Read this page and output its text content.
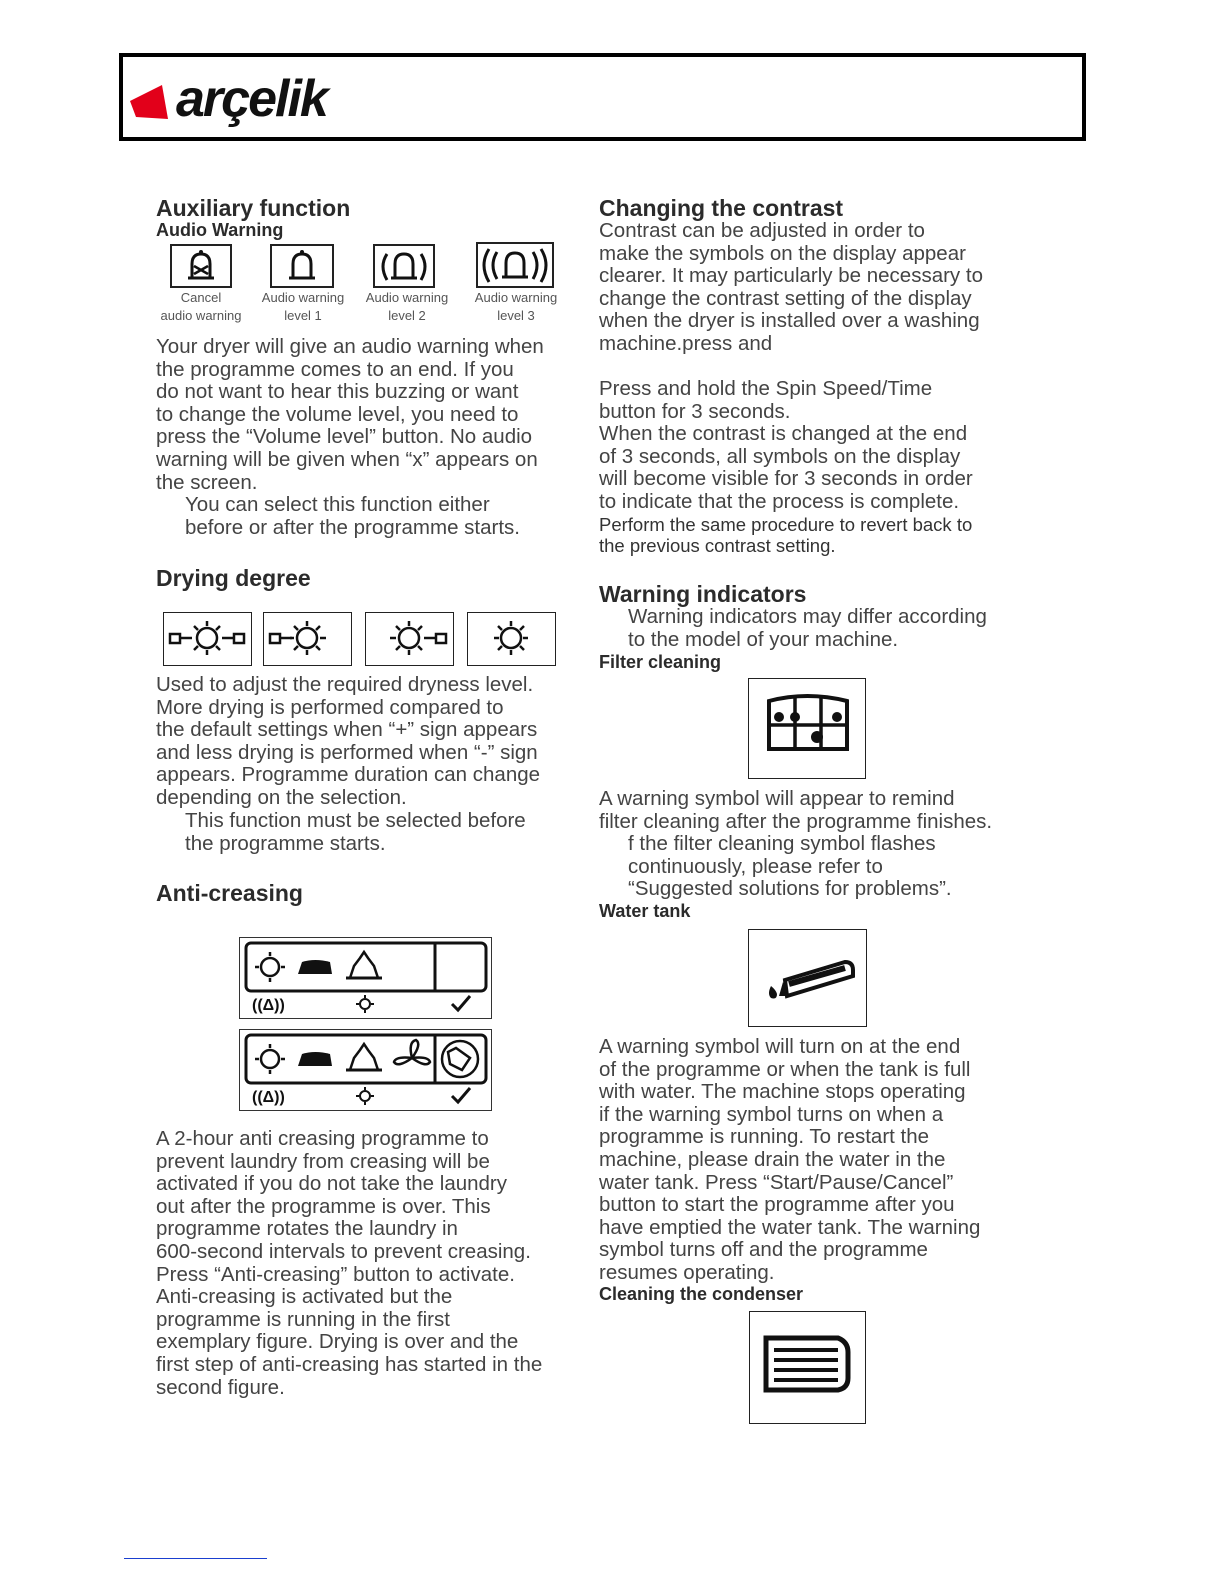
arçelik
Auxiliary function
Audio Warning
Cancel
audio warning
Audio warning
level 1
Audio warning
level 2
Audio warning
level 3
Your dryer will give an audio warning when
the programme comes to an end. If you
do not want to hear this buzzing or want
to change the volume level, you need to
press the “Volume level” button. No audio
warning will be given when “x” appears on
the screen.
You can select this function either
before or after the programme starts.
Drying degree
Used to adjust the required dryness level.
More drying is performed compared to
the default settings when “+” sign appears
and less drying is performed when “-” sign
appears. Programme duration can change
depending on the selection.
This function must be selected before
the programme starts.
Anti-creasing
((Δ))
((Δ))
A 2-hour anti creasing programme to
prevent laundry from creasing will be
activated if you do not take the laundry
out after the programme is over. This
programme rotates the laundry in
600-second intervals to prevent creasing.
Press “Anti-creasing” button to activate.
Anti-creasing is activated but the
programme is running in the first
exemplary figure. Drying is over and the
first step of anti-creasing has started in the
second figure.
Changing the contrast
Contrast can be adjusted in order to
make the symbols on the display appear
clearer. It may particularly be necessary to
change the contrast setting of the display
when the dryer is installed over a washing
machine.press and
Press and hold the Spin Speed/Time
button for 3 seconds.
When the contrast is changed at the end
of 3 seconds, all symbols on the display
will become visible for 3 seconds in order
to indicate that the process is complete.
Perform the same procedure to revert back to
the previous contrast setting.
Warning indicators
Warning indicators may differ according
to the model of your machine.
Filter cleaning
A warning symbol will appear to remind
filter cleaning after the programme finishes.
f the filter cleaning symbol flashes
continuously, please refer to
“Suggested solutions for problems”.
Water tank
A warning symbol will turn on at the end
of the programme or when the tank is full
with water. The machine stops operating
if the warning symbol turns on when a
programme is running. To restart the
machine, please drain the water in the
water tank. Press “Start/Pause/Cancel”
button to start the programme after you
have emptied the water tank. The warning
symbol turns off and the programme
resumes operating.
Cleaning the condenser
